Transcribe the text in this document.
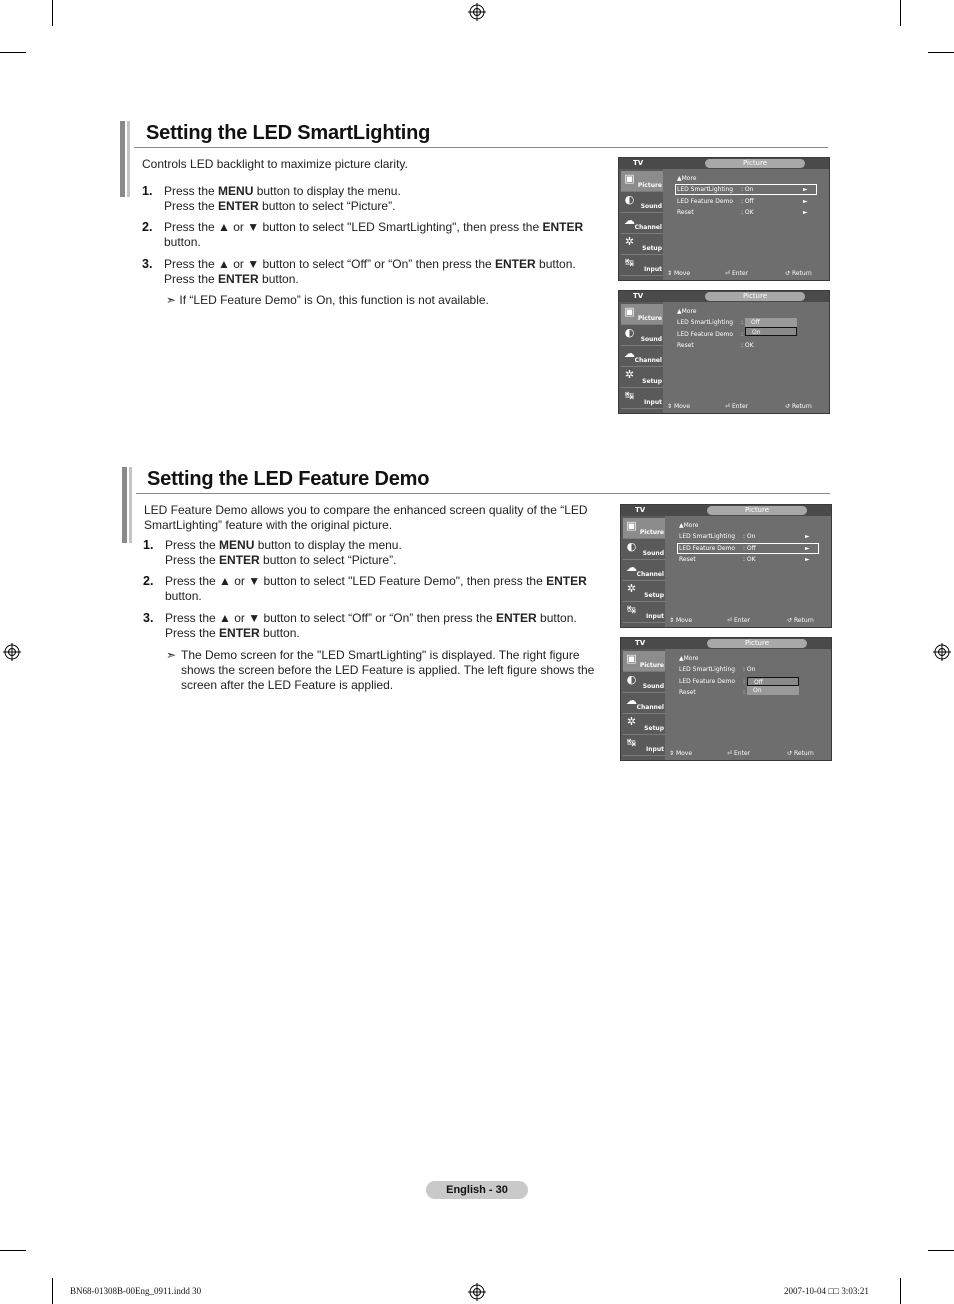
Setting the LED SmartLighting
Controls LED backlight to maximize picture clarity.
1. Press the MENU button to display the menu.
Press the ENTER button to select “Picture”.
2. Press the ▲ or ▼ button to select "LED SmartLighting", then press the ENTER
button.
3. Press the ▲ or ▼ button to select “Off” or “On” then press the ENTER button.
Press the ENTER button.
➣ If “LED Feature Demo” is On, this function is not available.
Setting the LED Feature Demo
LED Feature Demo allows you to compare the enhanced screen quality of the “LED
SmartLighting” feature with the original picture.
1. Press the MENU button to display the menu.
Press the ENTER button to select “Picture”.
2. Press the ▲ or ▼ button to select "LED Feature Demo", then press the ENTER
button.
3. Press the ▲ or ▼ button to select “Off” or “On” then press the ENTER button.
Press the ENTER button.
➣ The Demo screen for the "LED SmartLighting" is displayed. The right figure
shows the screen before the LED Feature is applied. The left figure shows the
screen after the LED Feature is applied.
TV	Picture
▣
Picture
◐
Sound
☁
Channel
✲
Setup
↹
Input
▲More
LED SmartLighting : On	►
LED Feature Demo : Off	►
Reset	: OK	►
⇕ Move	⏎ Enter	↺ Return
TV	Picture
▣
Picture
◐
Sound
☁
Channel
✲
Setup
↹
Input
▲More
LED SmartLighting :
LED Feature Demo :
Reset	: OK
Off
On
⇕ Move	⏎ Enter	↺ Return
TV	Picture
▣
Picture
◐
Sound
☁
Channel
✲
Setup
↹
Input
▲More
LED SmartLighting : On	►
LED Feature Demo : Off	►
Reset	: OK	►
⇕ Move	⏎ Enter	↺ Return
TV	Picture
▣
Picture
◐
Sound
☁
Channel
✲
Setup
↹
Input
▲More
LED SmartLighting : On
LED Feature Demo :
Reset	:
Off
On
⇕ Move	⏎ Enter	↺ Return
English - 30
BN68-01308B-00Eng_0911.indd 30	2007-10-04 □□ 3:03:21
